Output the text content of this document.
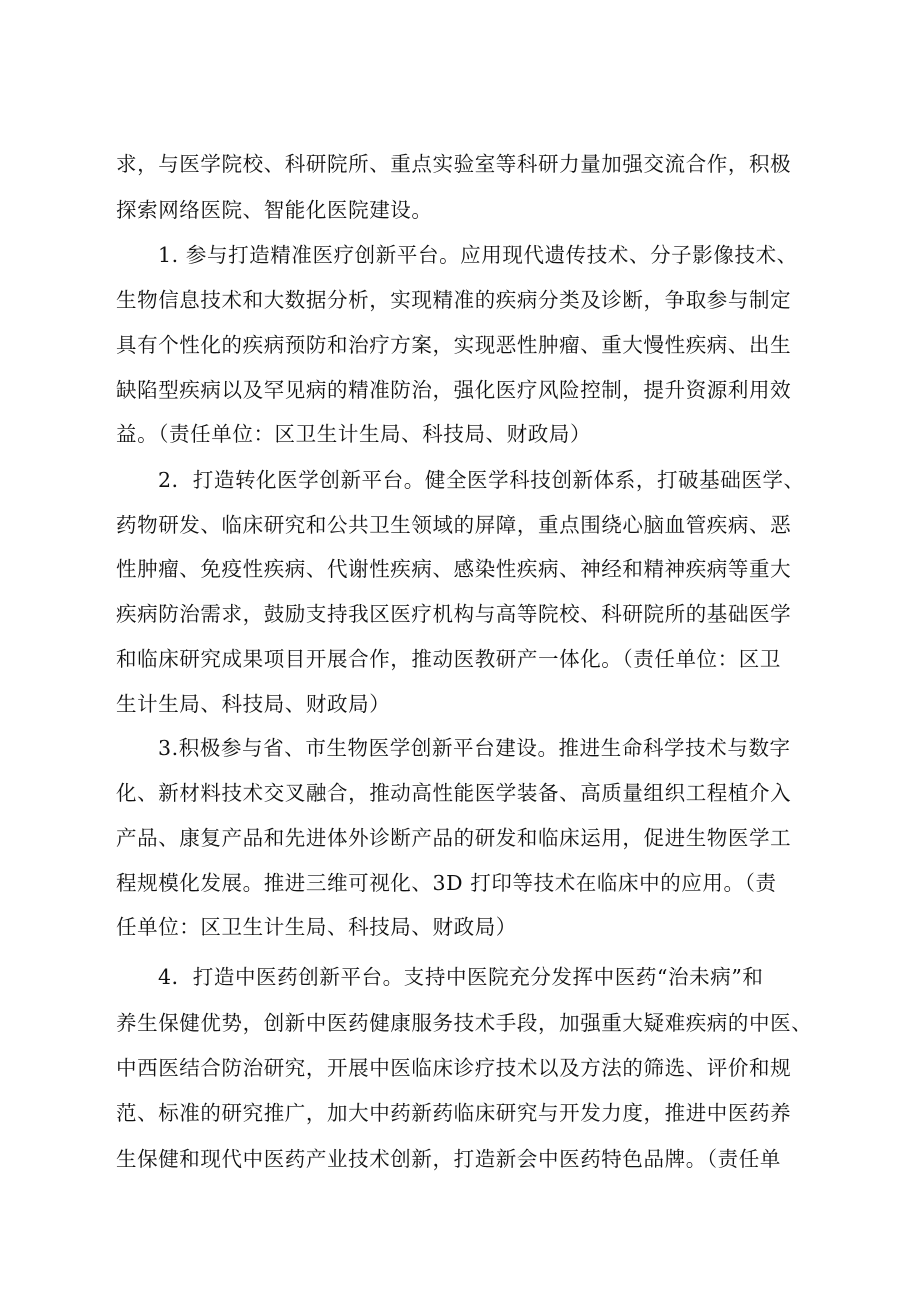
求，与医学院校、科研院所、重点实验室等科研力量加强交流合作，积极
探索网络医院、智能化医院建设。
1. 参与打造精准医疗创新平台。应用现代遗传技术、分子影像技术、
生物信息技术和大数据分析，实现精准的疾病分类及诊断，争取参与制定
具有个性化的疾病预防和治疗方案，实现恶性肿瘤、重大慢性疾病、出生
缺陷型疾病以及罕见病的精准防治，强化医疗风险控制，提升资源利用效
益。（责任单位：区卫生计生局、科技局、财政局）
2．打造转化医学创新平台。健全医学科技创新体系，打破基础医学、
药物研发、临床研究和公共卫生领域的屏障，重点围绕心脑血管疾病、恶
性肿瘤、免疫性疾病、代谢性疾病、感染性疾病、神经和精神疾病等重大
疾病防治需求，鼓励支持我区医疗机构与高等院校、科研院所的基础医学
和临床研究成果项目开展合作，推动医教研产一体化。（责任单位：区卫
生计生局、科技局、财政局）
3.积极参与省、市生物医学创新平台建设。推进生命科学技术与数字
化、新材料技术交叉融合，推动高性能医学装备、高质量组织工程植介入
产品、康复产品和先进体外诊断产品的研发和临床运用，促进生物医学工
程规模化发展。推进三维可视化、3D 打印等技术在临床中的应用。（责
任单位：区卫生计生局、科技局、财政局）
4．打造中医药创新平台。支持中医院充分发挥中医药“治未病”和
养生保健优势，创新中医药健康服务技术手段，加强重大疑难疾病的中医、
中西医结合防治研究，开展中医临床诊疗技术以及方法的筛选、评价和规
范、标准的研究推广，加大中药新药临床研究与开发力度，推进中医药养
生保健和现代中医药产业技术创新，打造新会中医药特色品牌。（责任单
